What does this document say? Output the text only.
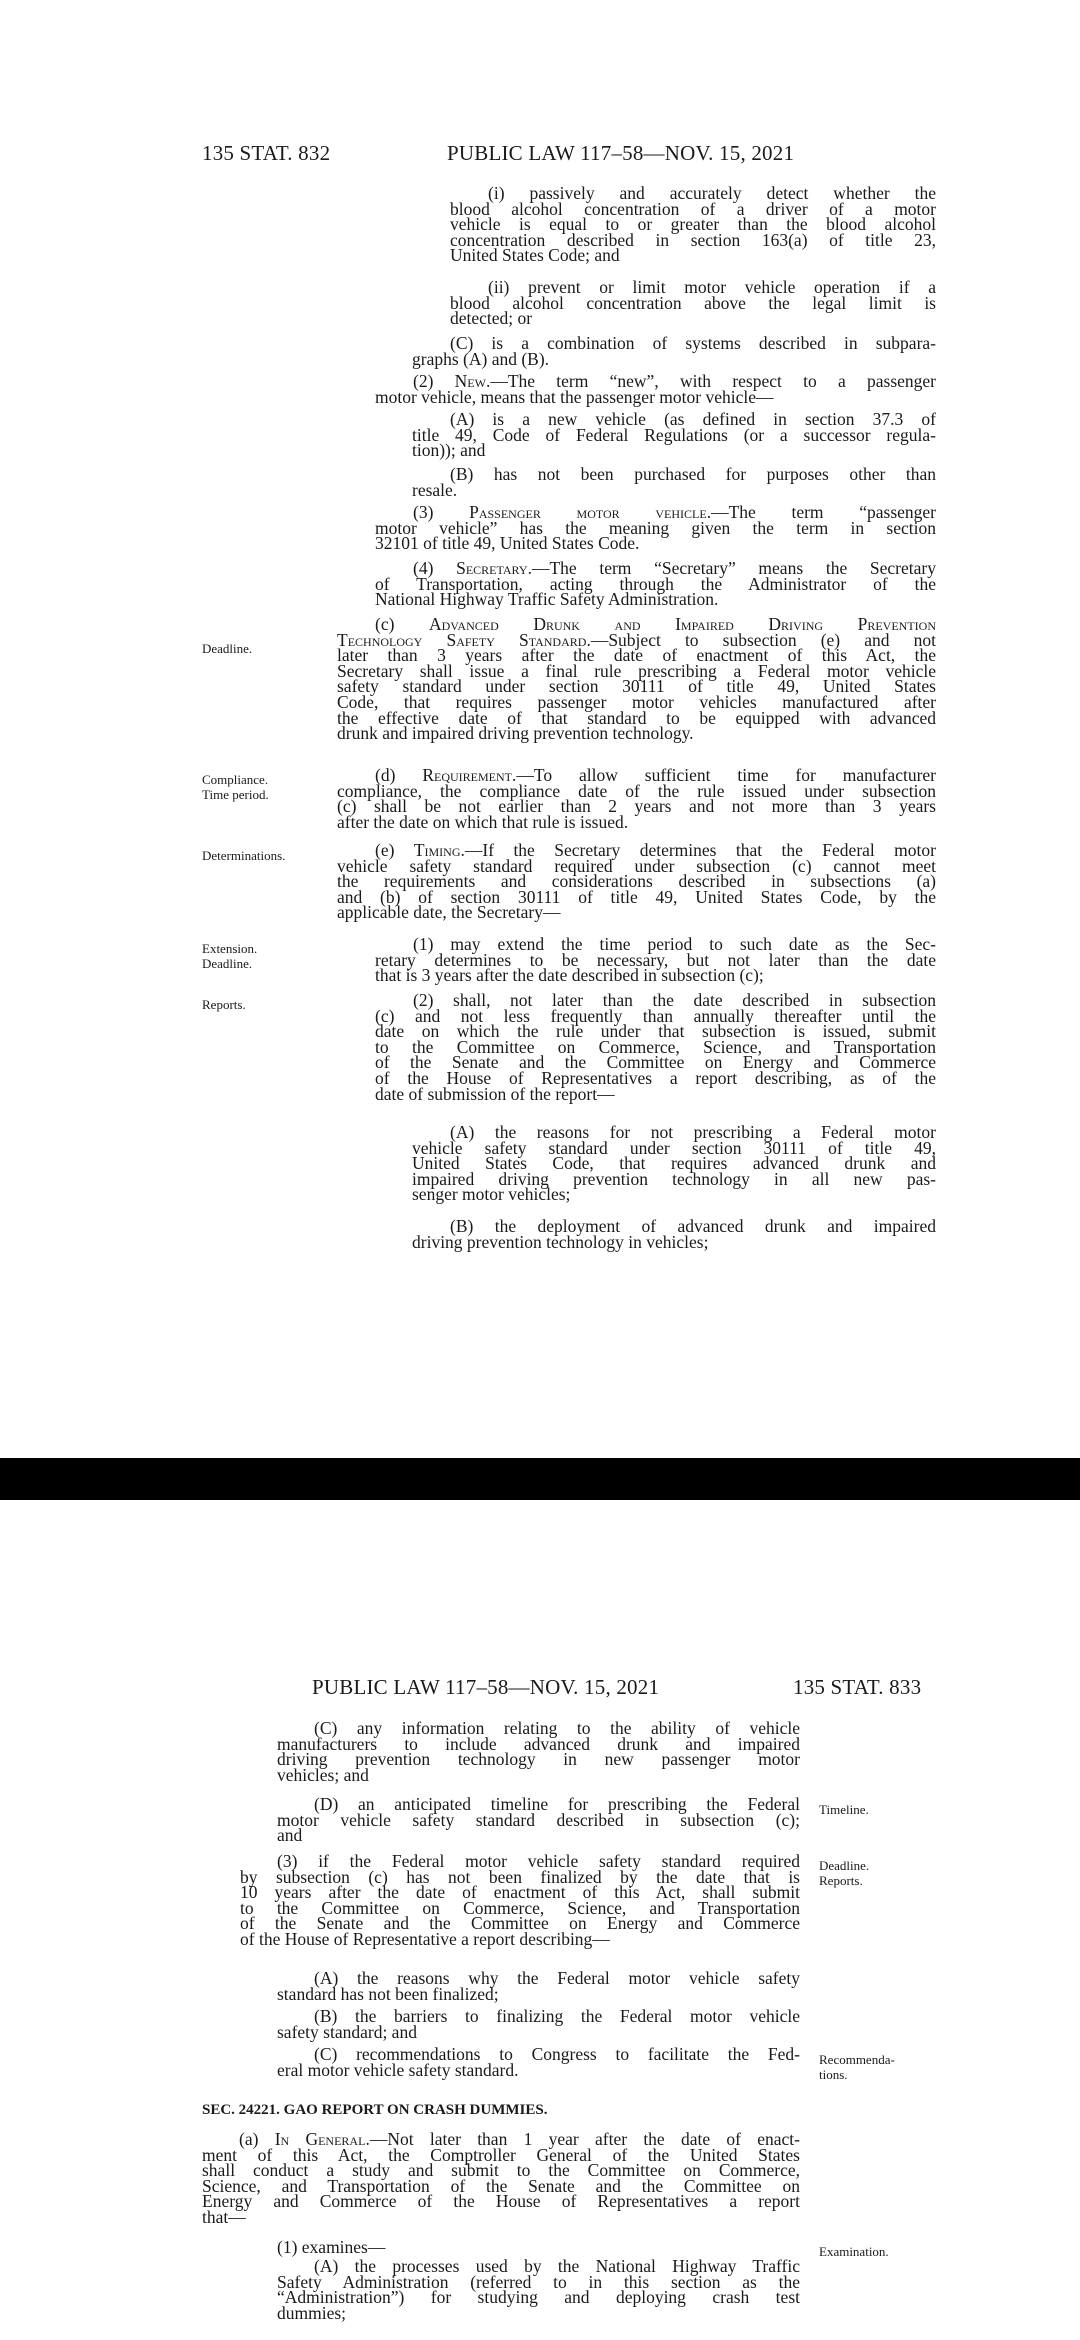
135 STAT. 832	PUBLIC LAW 117–58—NOV. 15, 2021
(i) passively and accurately detect whether the
blood alcohol concentration of a driver of a motor
vehicle is equal to or greater than the blood alcohol
concentration described in section 163(a) of title 23,
United States Code; and
(ii) prevent or limit motor vehicle operation if a
blood alcohol concentration above the legal limit is
detected; or
(C) is a combination of systems described in subpara-
graphs (A) and (B).
(2) New.—The term “new”, with respect to a passenger
motor vehicle, means that the passenger motor vehicle—
(A) is a new vehicle (as defined in section 37.3 of
title 49, Code of Federal Regulations (or a successor regula-
tion)); and
(B) has not been purchased for purposes other than
resale.
(3) Passenger motor vehicle.—The term “passenger
motor vehicle” has the meaning given the term in section
32101 of title 49, United States Code.
(4) Secretary.—The term “Secretary” means the Secretary
of Transportation, acting through the Administrator of the
National Highway Traffic Safety Administration.
(c) Advanced Drunk and Impaired Driving Prevention
Technology Safety Standard.—Subject to subsection (e) and not
later than 3 years after the date of enactment of this Act, the
Secretary shall issue a final rule prescribing a Federal motor vehicle
safety standard under section 30111 of title 49, United States
Code, that requires passenger motor vehicles manufactured after
the effective date of that standard to be equipped with advanced
drunk and impaired driving prevention technology.
(d) Requirement.—To allow sufficient time for manufacturer
compliance, the compliance date of the rule issued under subsection
(c) shall be not earlier than 2 years and not more than 3 years
after the date on which that rule is issued.
(e) Timing.—If the Secretary determines that the Federal motor
vehicle safety standard required under subsection (c) cannot meet
the requirements and considerations described in subsections (a)
and (b) of section 30111 of title 49, United States Code, by the
applicable date, the Secretary—
(1) may extend the time period to such date as the Sec-
retary determines to be necessary, but not later than the date
that is 3 years after the date described in subsection (c);
(2) shall, not later than the date described in subsection
(c) and not less frequently than annually thereafter until the
date on which the rule under that subsection is issued, submit
to the Committee on Commerce, Science, and Transportation
of the Senate and the Committee on Energy and Commerce
of the House of Representatives a report describing, as of the
date of submission of the report—
(A) the reasons for not prescribing a Federal motor
vehicle safety standard under section 30111 of title 49,
United States Code, that requires advanced drunk and
impaired driving prevention technology in all new pas-
senger motor vehicles;
(B) the deployment of advanced drunk and impaired
driving prevention technology in vehicles;
Deadline.
Compliance.
Time period.
Determinations.
Extension.
Deadline.
Reports.
PUBLIC LAW 117–58—NOV. 15, 2021	135 STAT. 833
(C) any information relating to the ability of vehicle
manufacturers to include advanced drunk and impaired
driving prevention technology in new passenger motor
vehicles; and
(D) an anticipated timeline for prescribing the Federal
motor vehicle safety standard described in subsection (c);
and
(3) if the Federal motor vehicle safety standard required
by subsection (c) has not been finalized by the date that is
10 years after the date of enactment of this Act, shall submit
to the Committee on Commerce, Science, and Transportation
of the Senate and the Committee on Energy and Commerce
of the House of Representative a report describing—
(A) the reasons why the Federal motor vehicle safety
standard has not been finalized;
(B) the barriers to finalizing the Federal motor vehicle
safety standard; and
(C) recommendations to Congress to facilitate the Fed-
eral motor vehicle safety standard.
SEC. 24221. GAO REPORT ON CRASH DUMMIES.
(a) In General.—Not later than 1 year after the date of enact-
ment of this Act, the Comptroller General of the United States
shall conduct a study and submit to the Committee on Commerce,
Science, and Transportation of the Senate and the Committee on
Energy and Commerce of the House of Representatives a report
that—
(1) examines—
(A) the processes used by the National Highway Traffic
Safety Administration (referred to in this section as the
“Administration”) for studying and deploying crash test
dummies;
Timeline.
Deadline.
Reports.
Recommenda-
tions.
Examination.
